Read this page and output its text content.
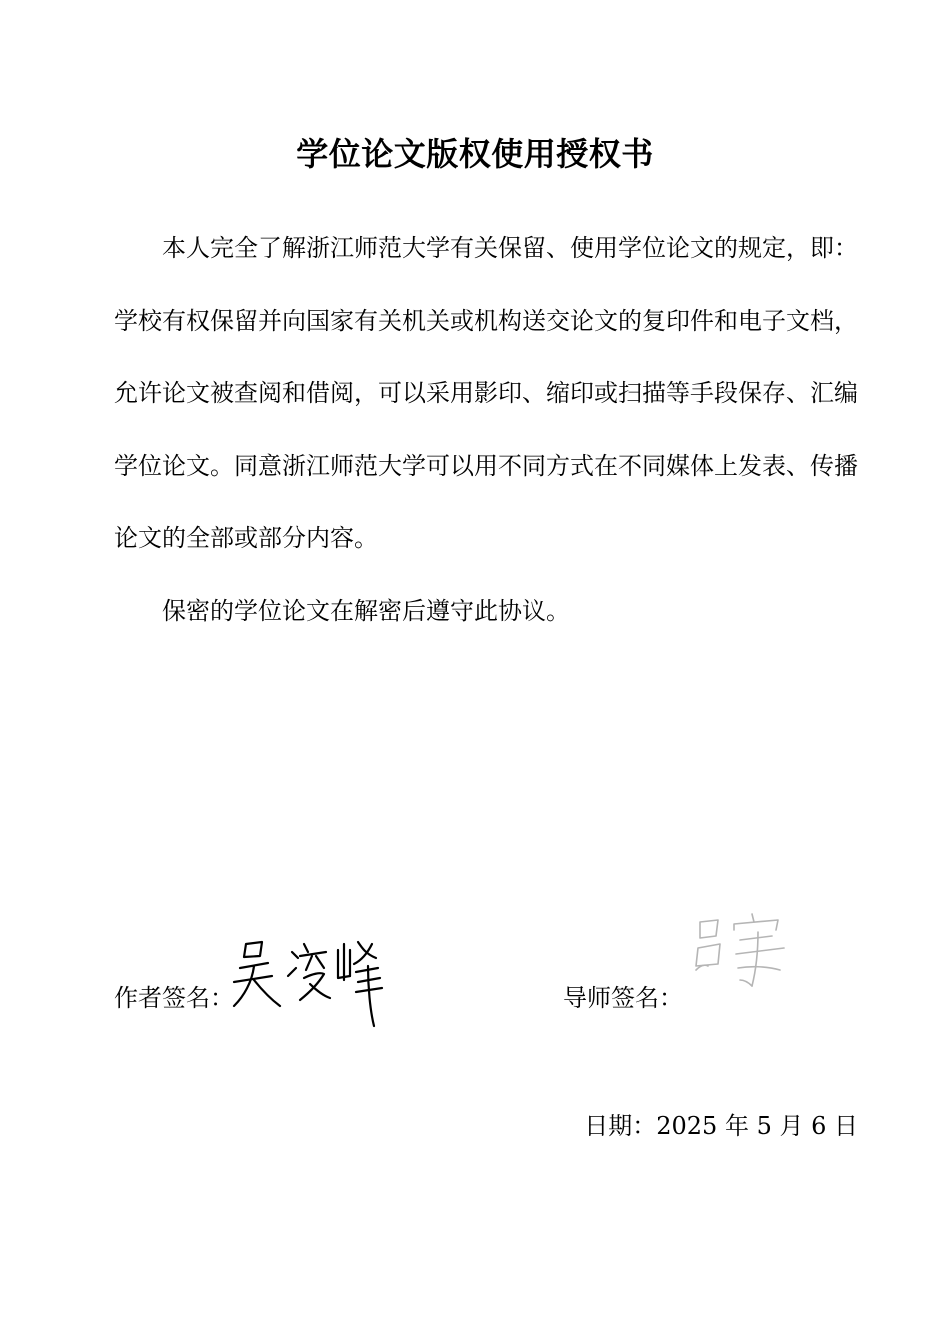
学位论文版权使用授权书
本人完全了解浙江师范大学有关保留、使用学位论文的规定，即：学校有权保留并向国家有关机关或机构送交论文的复印件和电子文档，允许论文被查阅和借阅，可以采用影印、缩印或扫描等手段保存、汇编学位论文。同意浙江师范大学可以用不同方式在不同媒体上发表、传播论文的全部或部分内容。
保密的学位论文在解密后遵守此协议。
作者签名：	导师签名：
日期：2025 年 5 月 6 日
